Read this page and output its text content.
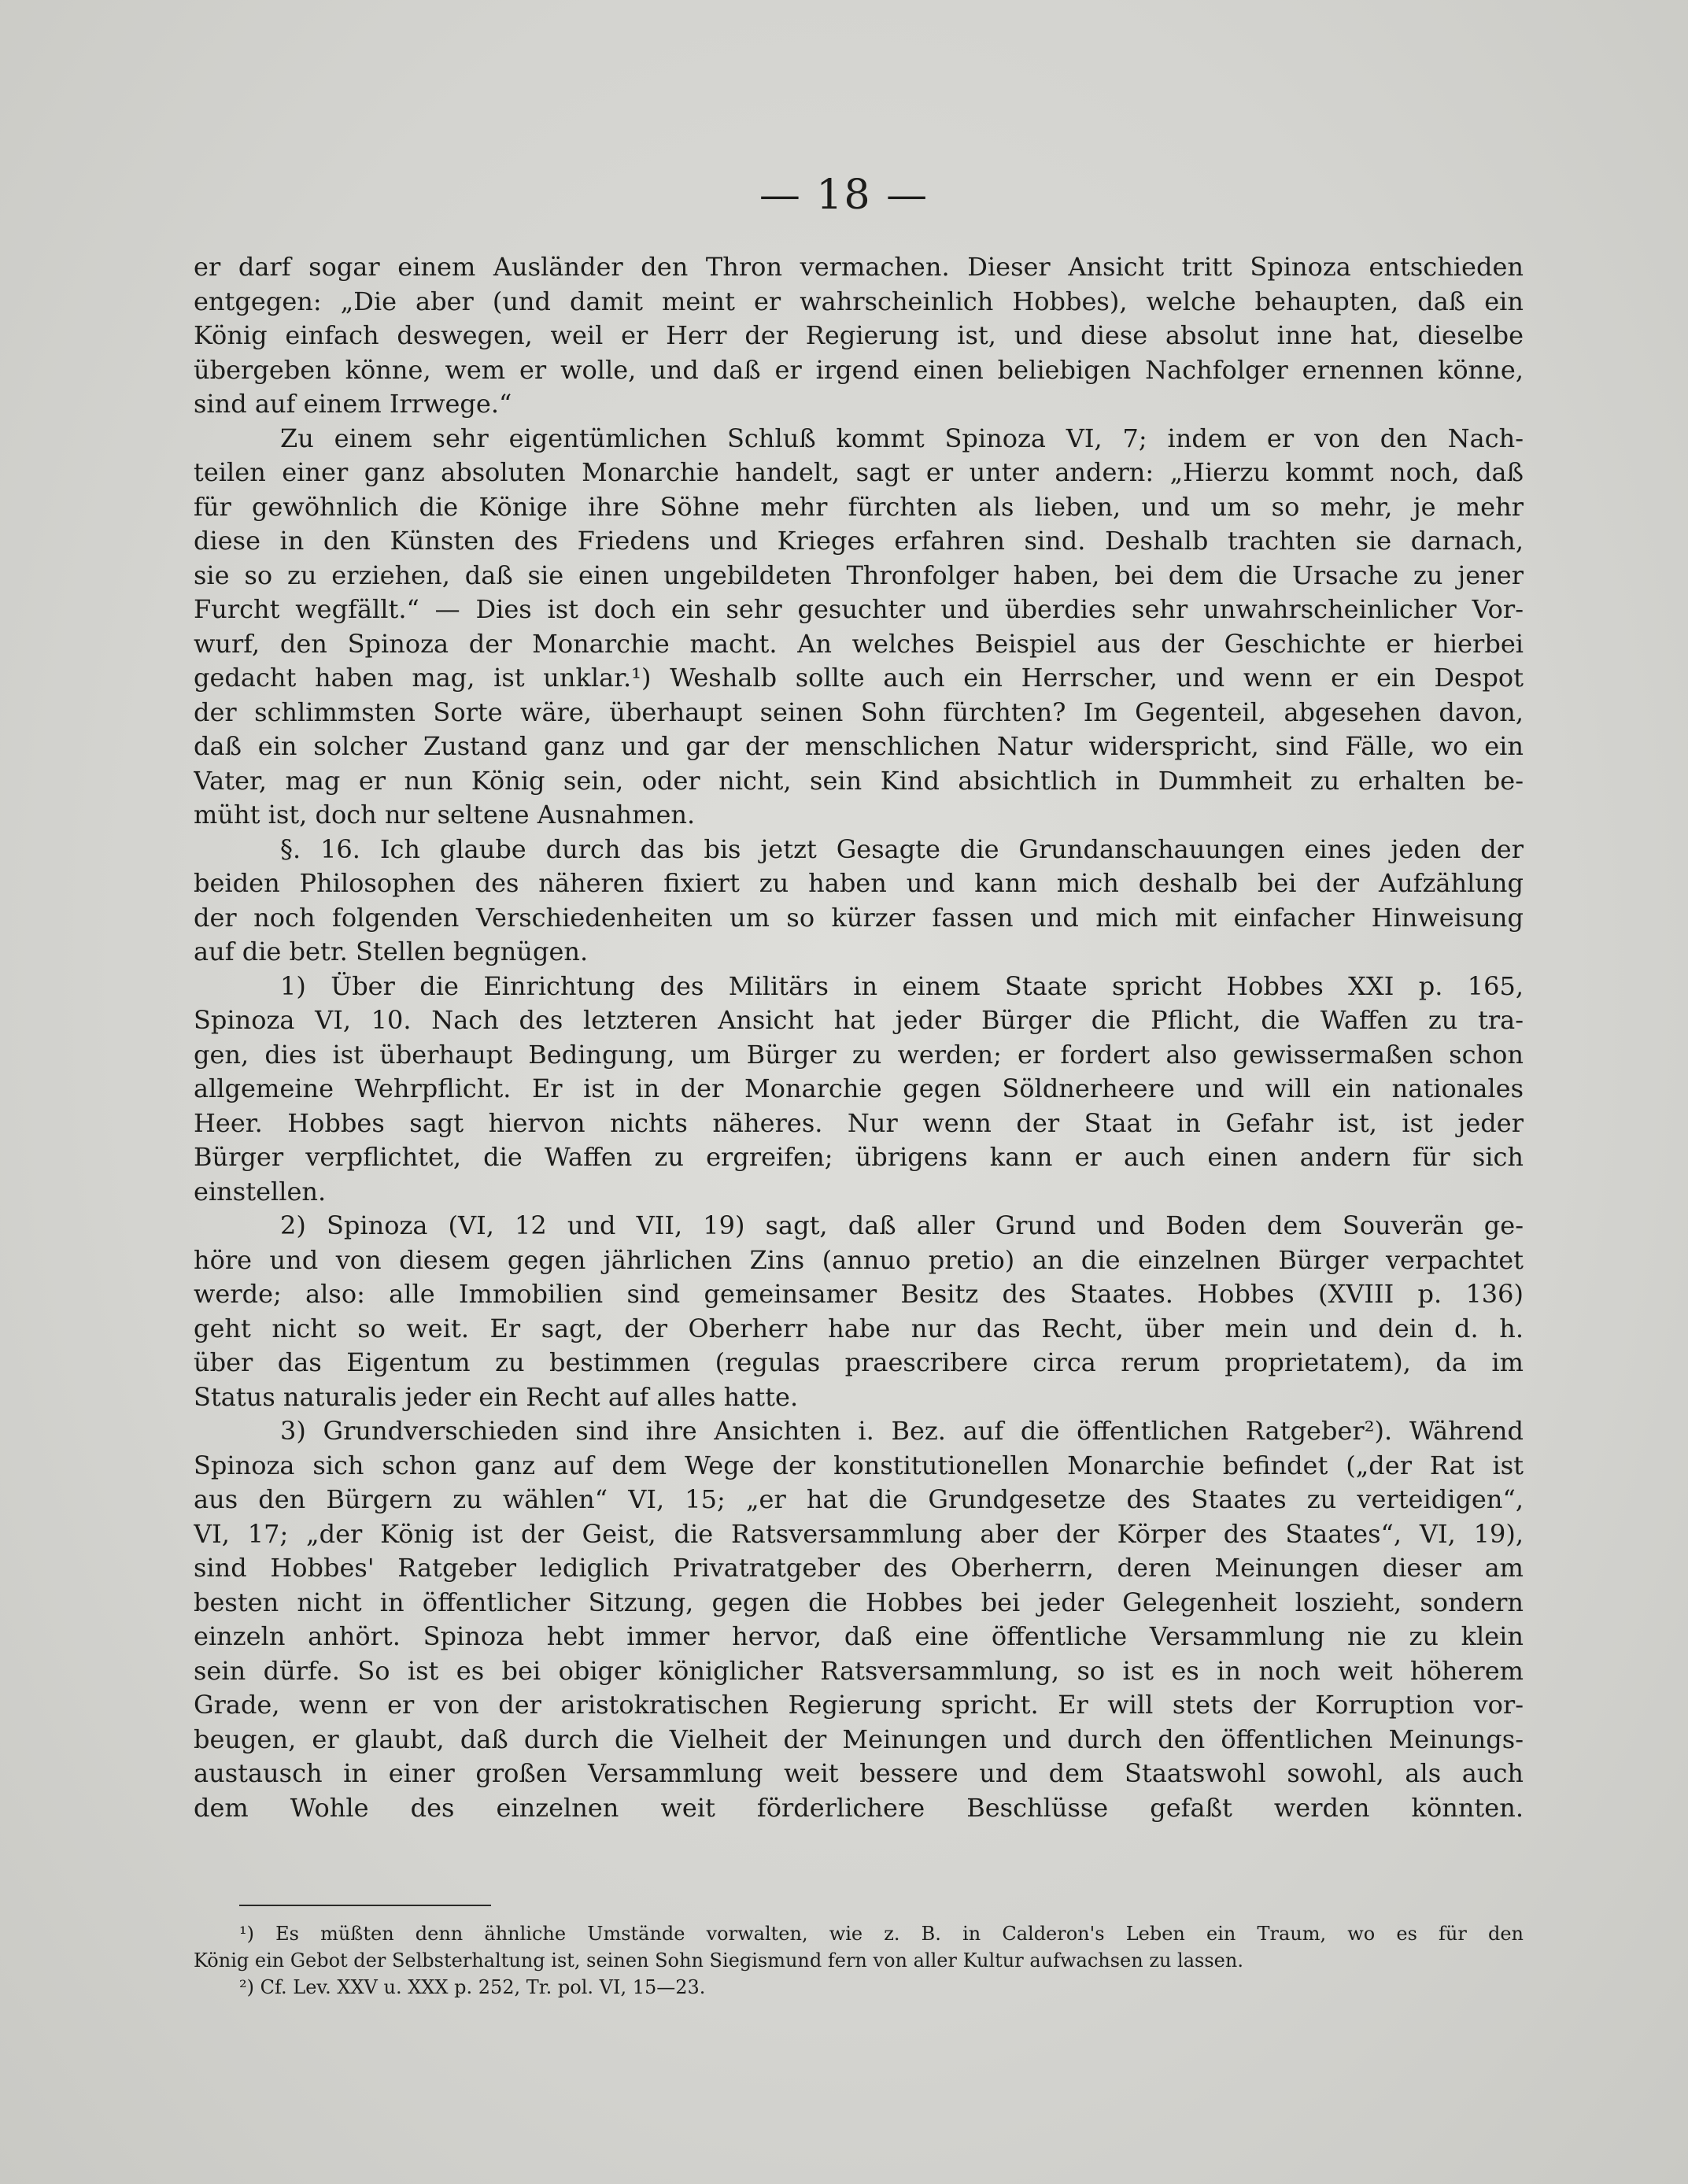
— 18 —
er darf sogar einem Ausländer den Thron vermachen. Dieser Ansicht tritt Spinoza entschieden
entgegen: „Die aber (und damit meint er wahrscheinlich Hobbes), welche behaupten, daß ein
König einfach deswegen, weil er Herr der Regierung ist, und diese absolut inne hat, dieselbe
übergeben könne, wem er wolle, und daß er irgend einen beliebigen Nachfolger ernennen könne,
sind auf einem Irrwege.“
Zu einem sehr eigentümlichen Schluß kommt Spinoza VI, 7; indem er von den Nach-
teilen einer ganz absoluten Monarchie handelt, sagt er unter andern: „Hierzu kommt noch, daß
für gewöhnlich die Könige ihre Söhne mehr fürchten als lieben, und um so mehr, je mehr
diese in den Künsten des Friedens und Krieges erfahren sind. Deshalb trachten sie darnach,
sie so zu erziehen, daß sie einen ungebildeten Thronfolger haben, bei dem die Ursache zu jener
Furcht wegfällt.“ — Dies ist doch ein sehr gesuchter und überdies sehr unwahrscheinlicher Vor-
wurf, den Spinoza der Monarchie macht. An welches Beispiel aus der Geschichte er hierbei
gedacht haben mag, ist unklar.¹) Weshalb sollte auch ein Herrscher, und wenn er ein Despot
der schlimmsten Sorte wäre, überhaupt seinen Sohn fürchten? Im Gegenteil, abgesehen davon,
daß ein solcher Zustand ganz und gar der menschlichen Natur widerspricht, sind Fälle, wo ein
Vater, mag er nun König sein, oder nicht, sein Kind absichtlich in Dummheit zu erhalten be-
müht ist, doch nur seltene Ausnahmen.
§. 16. Ich glaube durch das bis jetzt Gesagte die Grundanschauungen eines jeden der
beiden Philosophen des näheren fixiert zu haben und kann mich deshalb bei der Aufzählung
der noch folgenden Verschiedenheiten um so kürzer fassen und mich mit einfacher Hinweisung
auf die betr. Stellen begnügen.
1) Über die Einrichtung des Militärs in einem Staate spricht Hobbes XXI p. 165,
Spinoza VI, 10. Nach des letzteren Ansicht hat jeder Bürger die Pflicht, die Waffen zu tra-
gen, dies ist überhaupt Bedingung, um Bürger zu werden; er fordert also gewissermaßen schon
allgemeine Wehrpflicht. Er ist in der Monarchie gegen Söldnerheere und will ein nationales
Heer. Hobbes sagt hiervon nichts näheres. Nur wenn der Staat in Gefahr ist, ist jeder
Bürger verpflichtet, die Waffen zu ergreifen; übrigens kann er auch einen andern für sich
einstellen.
2) Spinoza (VI, 12 und VII, 19) sagt, daß aller Grund und Boden dem Souverän ge-
höre und von diesem gegen jährlichen Zins (annuo pretio) an die einzelnen Bürger verpachtet
werde; also: alle Immobilien sind gemeinsamer Besitz des Staates. Hobbes (XVIII p. 136)
geht nicht so weit. Er sagt, der Oberherr habe nur das Recht, über mein und dein d. h.
über das Eigentum zu bestimmen (regulas praescribere circa rerum proprietatem), da im
Status naturalis jeder ein Recht auf alles hatte.
3) Grundverschieden sind ihre Ansichten i. Bez. auf die öffentlichen Ratgeber²). Während
Spinoza sich schon ganz auf dem Wege der konstitutionellen Monarchie befindet („der Rat ist
aus den Bürgern zu wählen“ VI, 15; „er hat die Grundgesetze des Staates zu verteidigen“,
VI, 17; „der König ist der Geist, die Ratsversammlung aber der Körper des Staates“, VI, 19),
sind Hobbes' Ratgeber lediglich Privatratgeber des Oberherrn, deren Meinungen dieser am
besten nicht in öffentlicher Sitzung, gegen die Hobbes bei jeder Gelegenheit loszieht, sondern
einzeln anhört. Spinoza hebt immer hervor, daß eine öffentliche Versammlung nie zu klein
sein dürfe. So ist es bei obiger königlicher Ratsversammlung, so ist es in noch weit höherem
Grade, wenn er von der aristokratischen Regierung spricht. Er will stets der Korruption vor-
beugen, er glaubt, daß durch die Vielheit der Meinungen und durch den öffentlichen Meinungs-
austausch in einer großen Versammlung weit bessere und dem Staatswohl sowohl, als auch
dem Wohle des einzelnen weit förderlichere Beschlüsse gefaßt werden könnten.
¹) Es müßten denn ähnliche Umstände vorwalten, wie z. B. in Calderon's Leben ein Traum, wo es für den
König ein Gebot der Selbsterhaltung ist, seinen Sohn Siegismund fern von aller Kultur aufwachsen zu lassen.
²) Cf. Lev. XXV u. XXX p. 252, Tr. pol. VI, 15—23.
